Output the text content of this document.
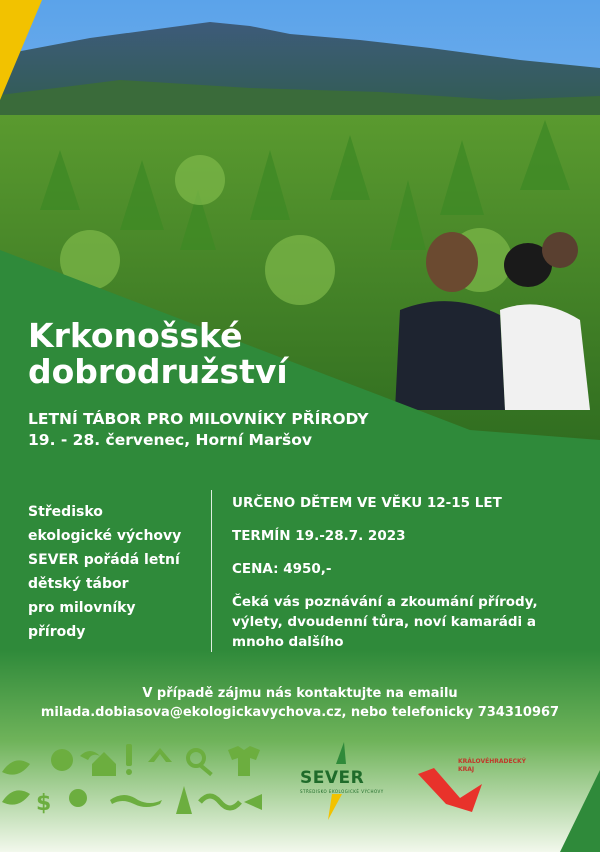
Krkonošské
dobrodružství
LETNÍ TÁBOR PRO MILOVNÍKY PŘÍRODY
19. - 28. červenec, Horní Maršov
Středisko
ekologické výchovy
SEVER pořádá letní
dětský tábor
pro milovníky
přírody

URČENO DĚTEM VE VĚKU 12-15 LET

TERMÍN 19.-28.7. 2023

CENA: 4950,-

Čeká vás poznávání a zkoumání přírody, výlety, dvoudenní tůra, noví kamarádi a mnoho dalšího

V případě zájmu nás kontaktujte na emailu
milada.dobiasova@ekologickavychova.cz, nebo telefonicky 734310967
$
SEVER
STŘEDISKO EKOLOGICKÉ VÝCHOVY
KRÁLOVÉHRADECKÝ
KRAJ
